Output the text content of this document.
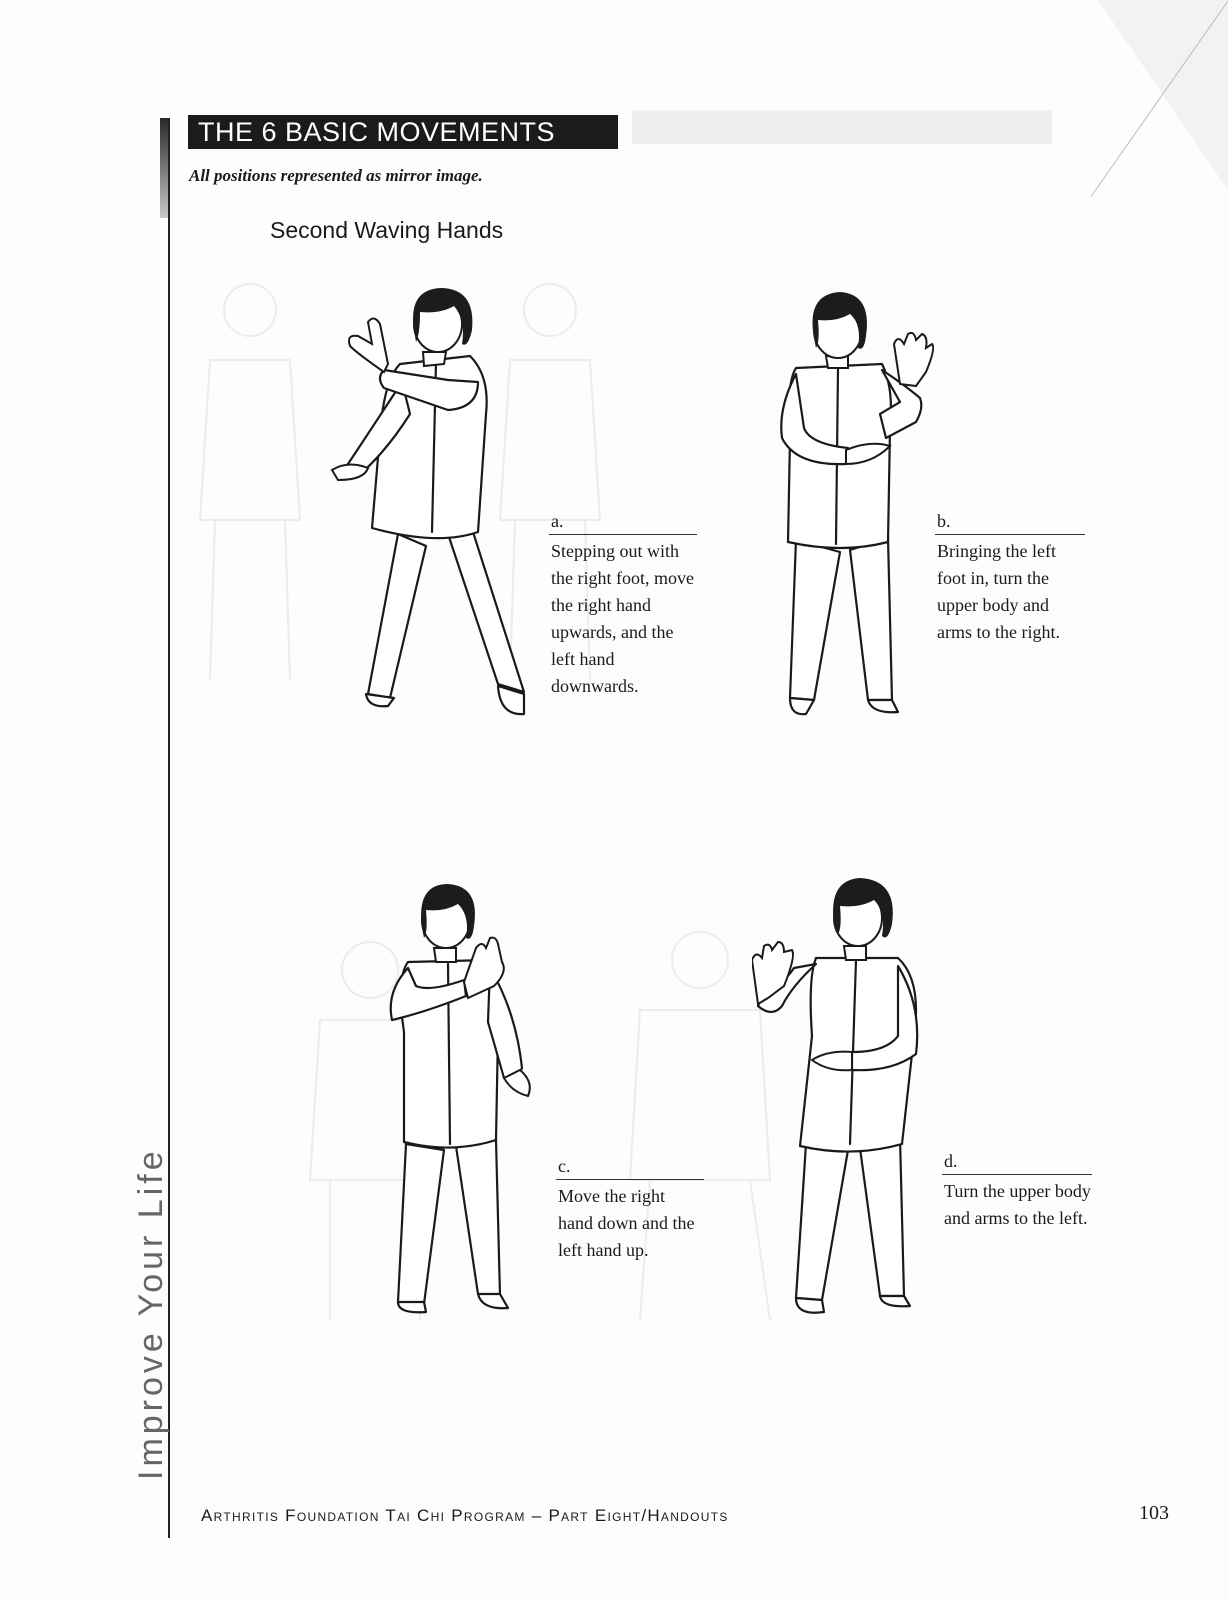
THE 6 BASIC MOVEMENTS
All positions represented as mirror image.
Second Waving Hands
Improve Your Life
a.
Stepping out with the right foot, move the right hand upwards, and the left hand downwards.
b.
Bringing the left foot in, turn the upper body and arms to the right.
c.
Move the right hand down and the left hand up.
d.
Turn the upper body and arms to the left.
Arthritis Foundation Tai Chi Program – Part Eight/Handouts	103
